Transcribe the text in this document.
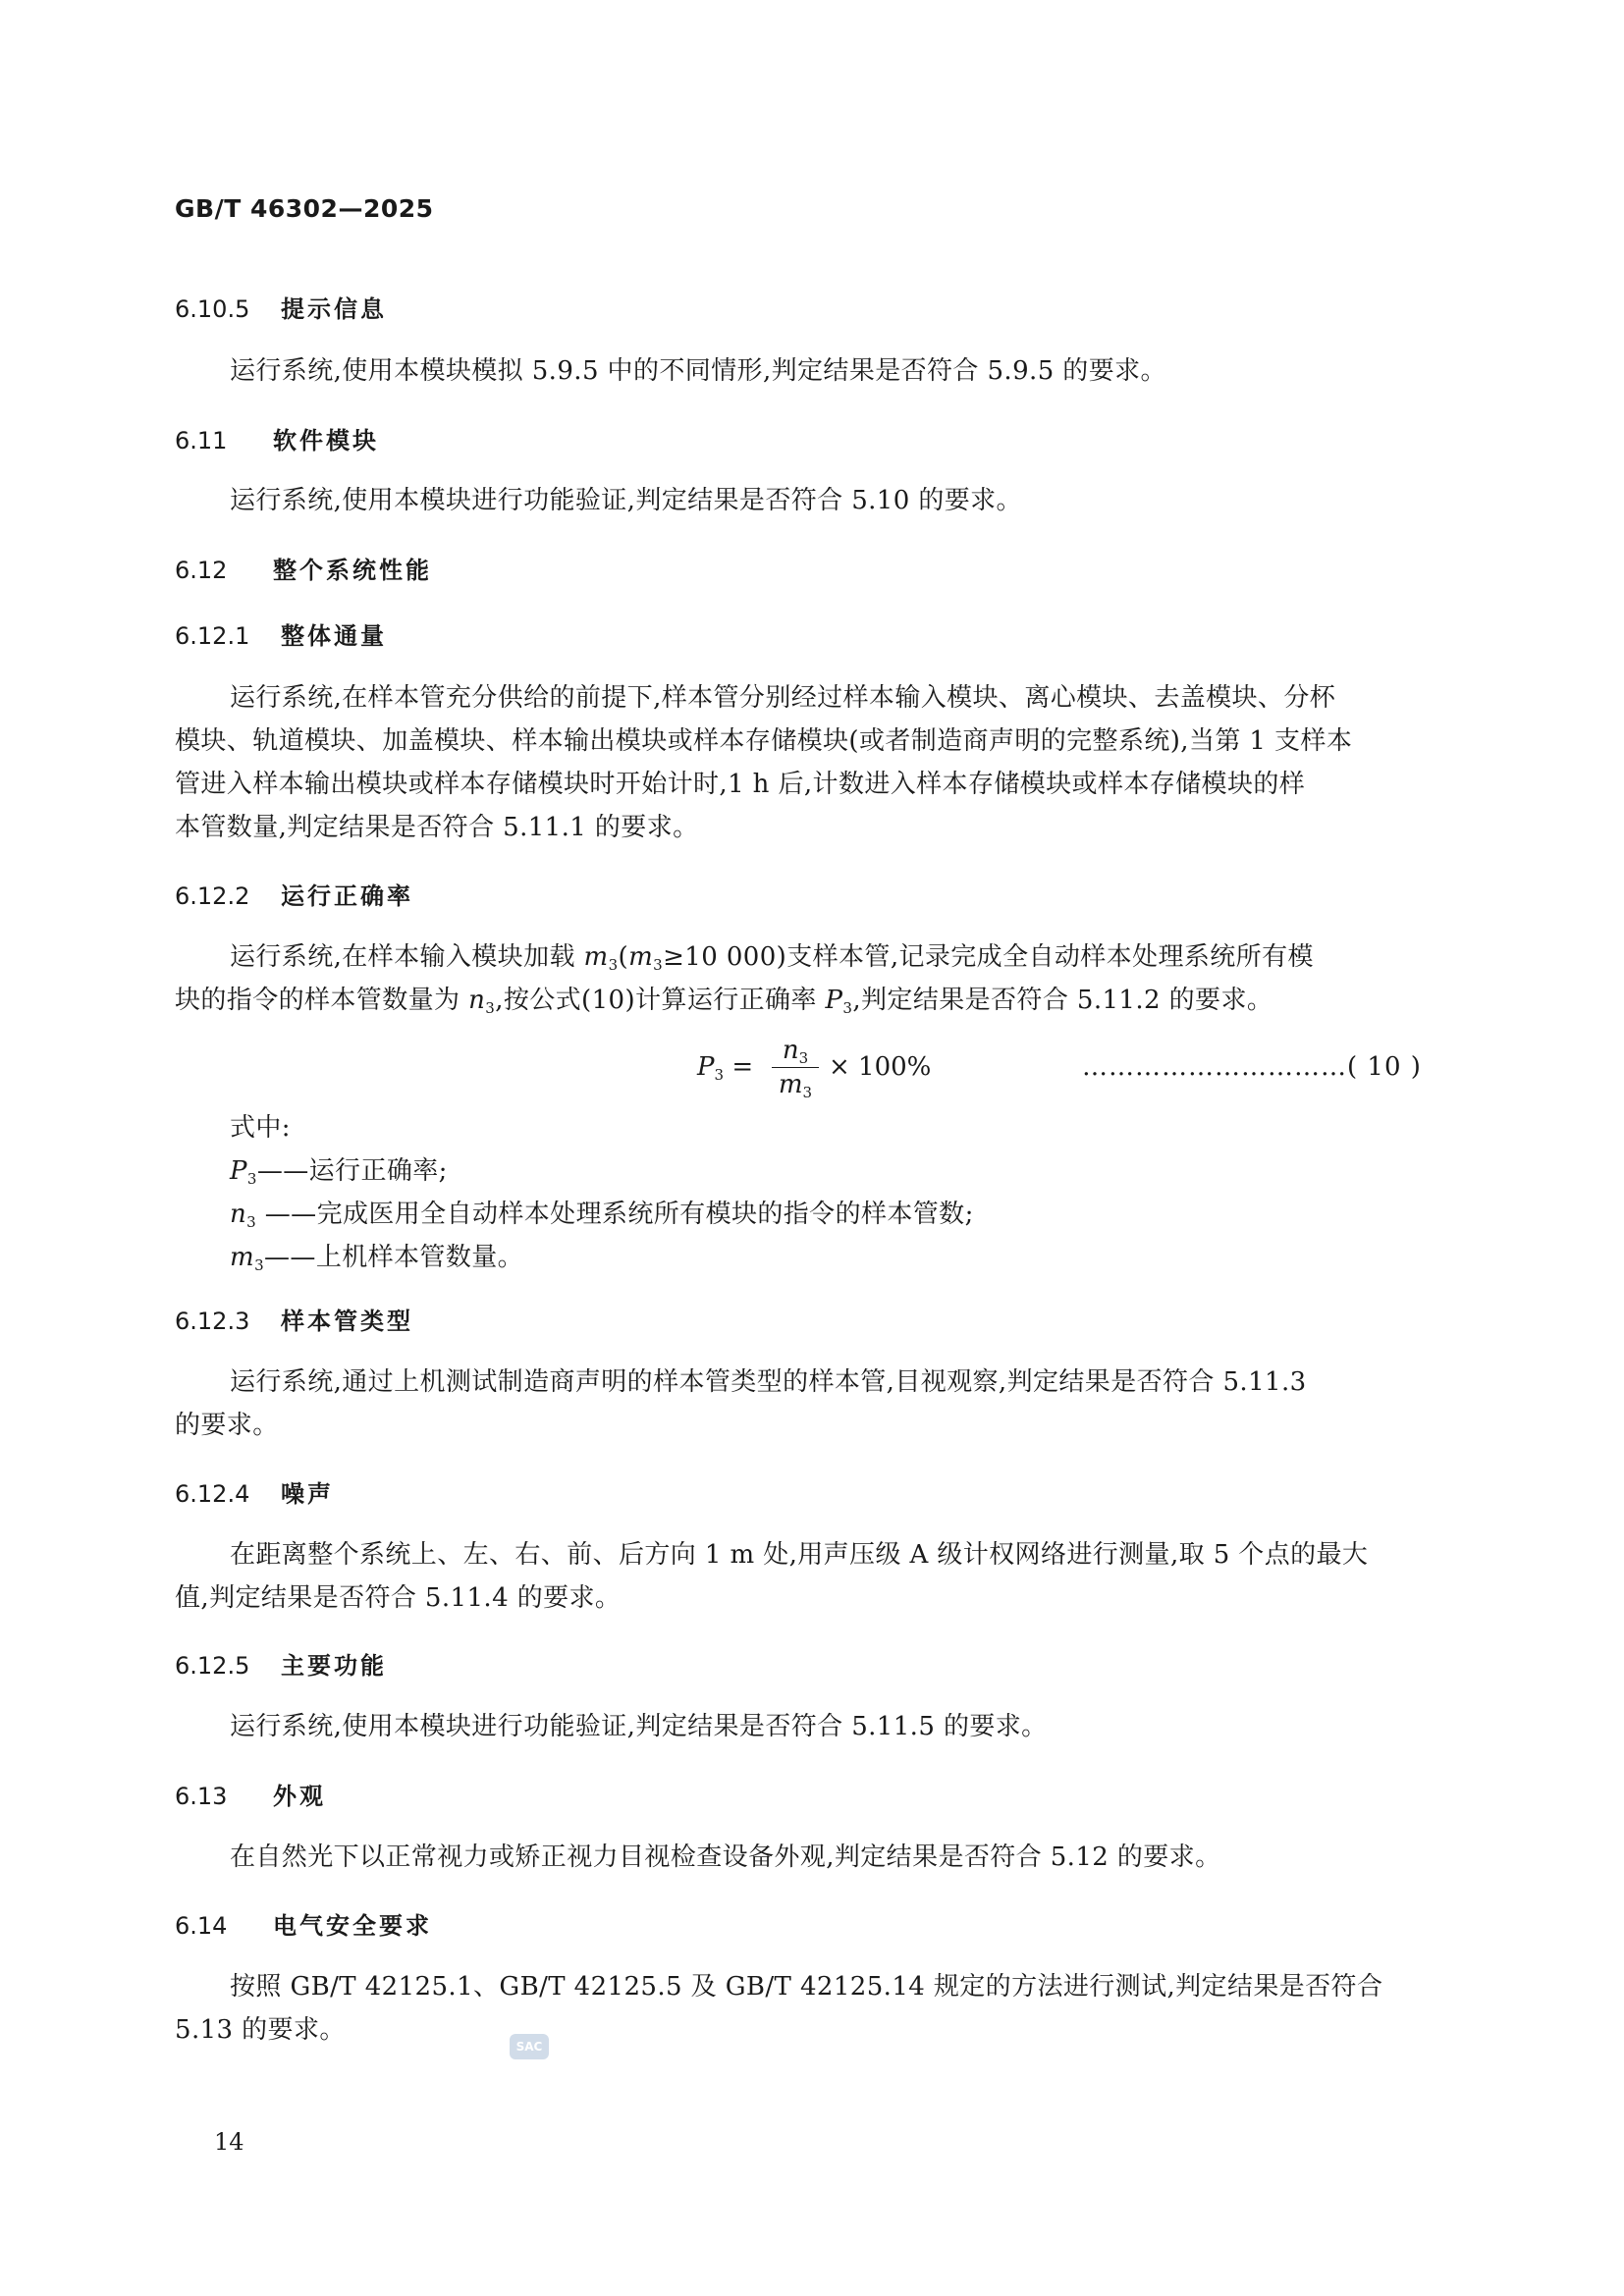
GB/T 46302—2025
6.10.5 提示信息
运行系统,使用本模块模拟 5.9.5 中的不同情形,判定结果是否符合 5.9.5 的要求。
6.11 软件模块
运行系统,使用本模块进行功能验证,判定结果是否符合 5.10 的要求。
6.12 整个系统性能
6.12.1 整体通量
运行系统,在样本管充分供给的前提下,样本管分别经过样本输入模块、离心模块、去盖模块、分杯
模块、轨道模块、加盖模块、样本输出模块或样本存储模块(或者制造商声明的完整系统),当第 1 支样本
管进入样本输出模块或样本存储模块时开始计时,1 h 后,计数进入样本存储模块或样本存储模块的样
本管数量,判定结果是否符合 5.11.1 的要求。
6.12.2 运行正确率
运行系统,在样本输入模块加载 $m_3(m_3\ge 10$ 000)支样本管,记录完成全自动样本处理系统所有模
块的指令的样本管数量为 $n_3$,按公式(10)计算运行正确率 $P_3$,判定结果是否符合 5.11.2 的要求。
$P_3$ =
$n_3$
$m_3$
× 100%	…………………………( 10 )
式中:
$P_3——$运行正确率;
$n_3$ ——完成医用全自动样本处理系统所有模块的指令的样本管数;
$m_3——$上机样本管数量。
6.12.3 样本管类型
运行系统,通过上机测试制造商声明的样本管类型的样本管,目视观察,判定结果是否符合 5.11.3
的要求。
6.12.4 噪声
在距离整个系统上、左、右、前、后方向 1 m 处,用声压级 A 级计权网络进行测量,取 5 个点的最大
值,判定结果是否符合 5.11.4 的要求。
6.12.5 主要功能
运行系统,使用本模块进行功能验证,判定结果是否符合 5.11.5 的要求。
6.13 外观
在自然光下以正常视力或矫正视力目视检查设备外观,判定结果是否符合 5.12 的要求。
6.14 电气安全要求
按照 GB/T 42125.1、GB/T 42125.5 及 GB/T 42125.14 规定的方法进行测试,判定结果是否符合
5.13 的要求。
SAC
14
